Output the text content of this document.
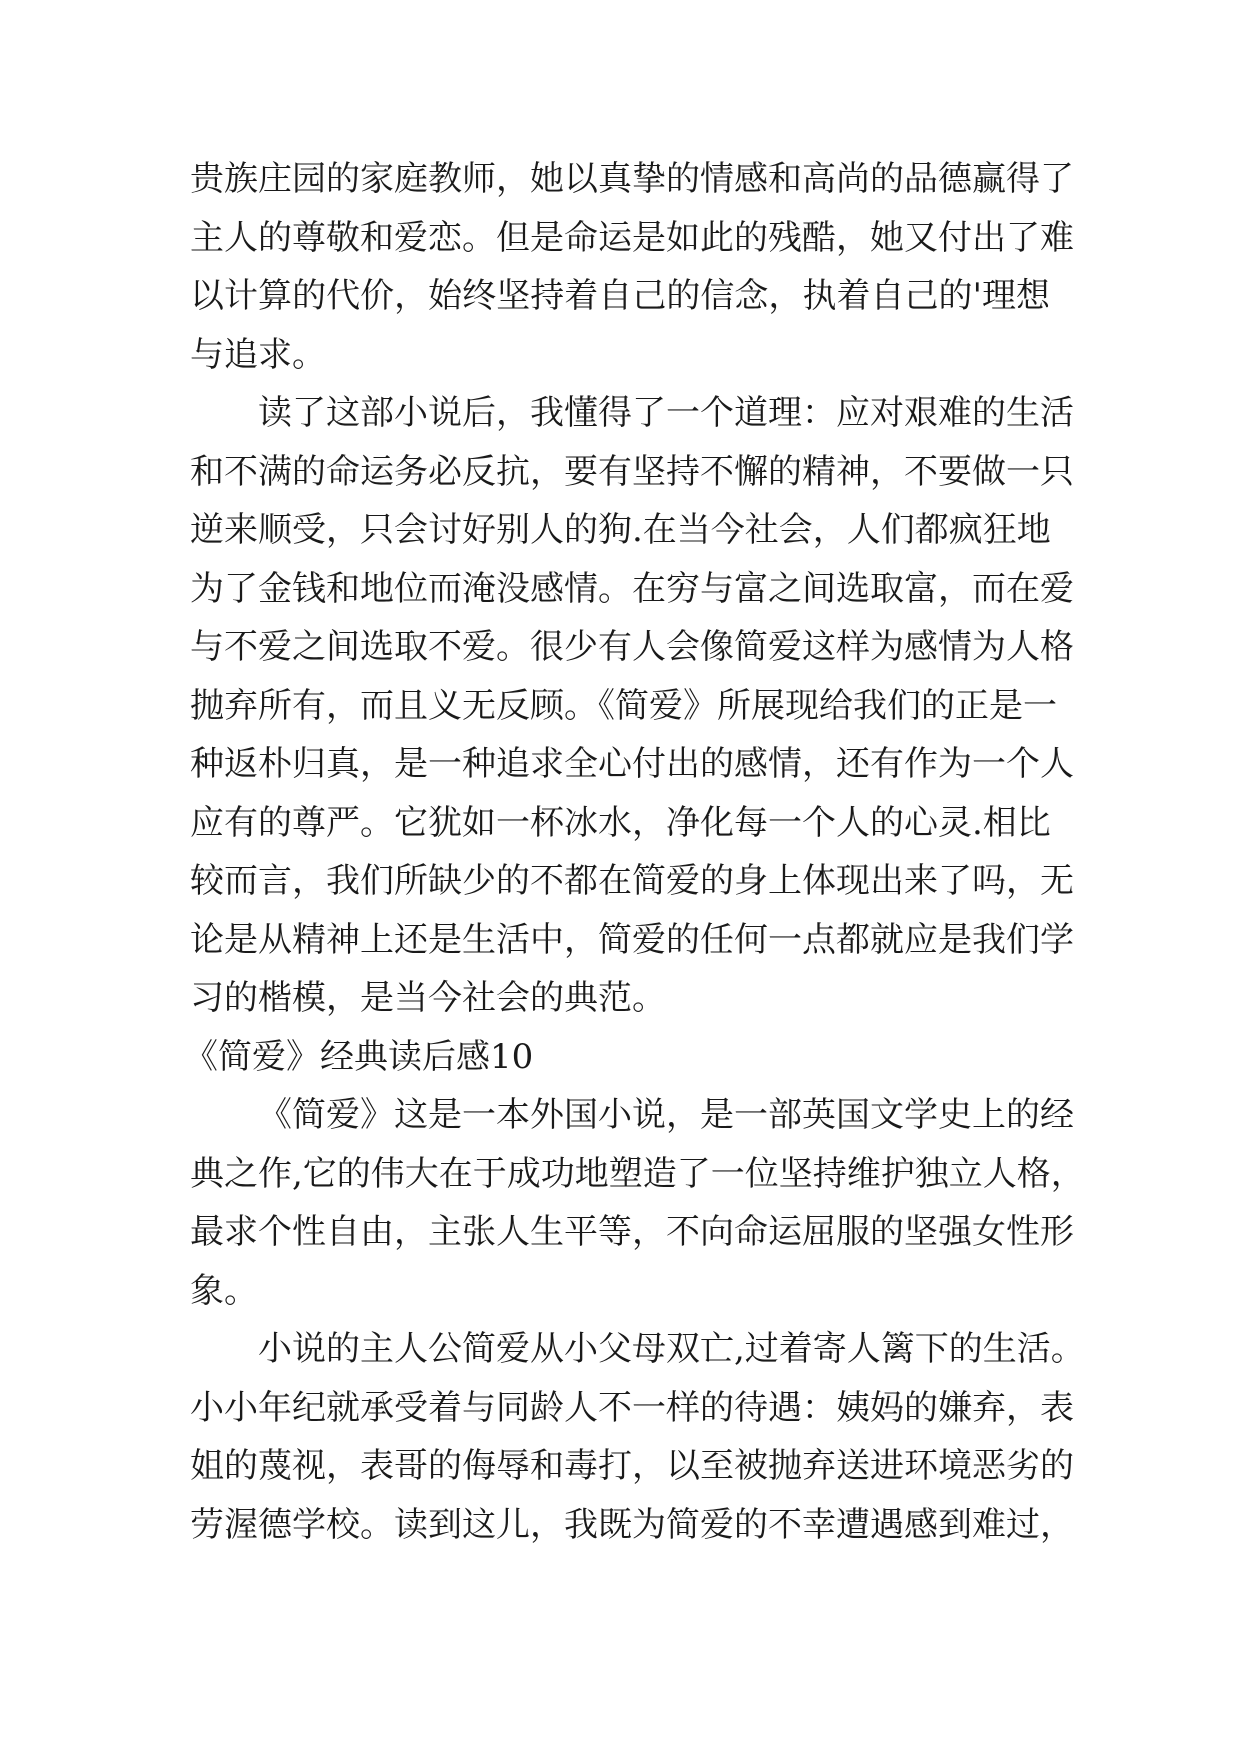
贵族庄园的家庭教师，她以真挚的情感和高尚的品德赢得了
主人的尊敬和爱恋。但是命运是如此的残酷，她又付出了难
以计算的代价，始终坚持着自己的信念，执着自己的'理想
与追求。
读了这部小说后，我懂得了一个道理：应对艰难的生活
和不满的命运务必反抗，要有坚持不懈的精神，不要做一只
逆来顺受，只会讨好别人的狗.在当今社会，人们都疯狂地
为了金钱和地位而淹没感情。在穷与富之间选取富，而在爱
与不爱之间选取不爱。很少有人会像简爱这样为感情为人格
抛弃所有，而且义无反顾。《简爱》所展现给我们的正是一
种返朴归真，是一种追求全心付出的感情，还有作为一个人
应有的尊严。它犹如一杯冰水，净化每一个人的心灵.相比
较而言，我们所缺少的不都在简爱的身上体现出来了吗，无
论是从精神上还是生活中，简爱的任何一点都就应是我们学
习的楷模，是当今社会的典范。
《简爱》经典读后感10
《简爱》这是一本外国小说，是一部英国文学史上的经
典之作,它的伟大在于成功地塑造了一位坚持维护独立人格，
最求个性自由，主张人生平等，不向命运屈服的坚强女性形
象。
小说的主人公简爱从小父母双亡,过着寄人篱下的生活。
小小年纪就承受着与同龄人不一样的待遇：姨妈的嫌弃，表
姐的蔑视，表哥的侮辱和毒打，以至被抛弃送进环境恶劣的
劳渥德学校。读到这儿，我既为简爱的不幸遭遇感到难过，
